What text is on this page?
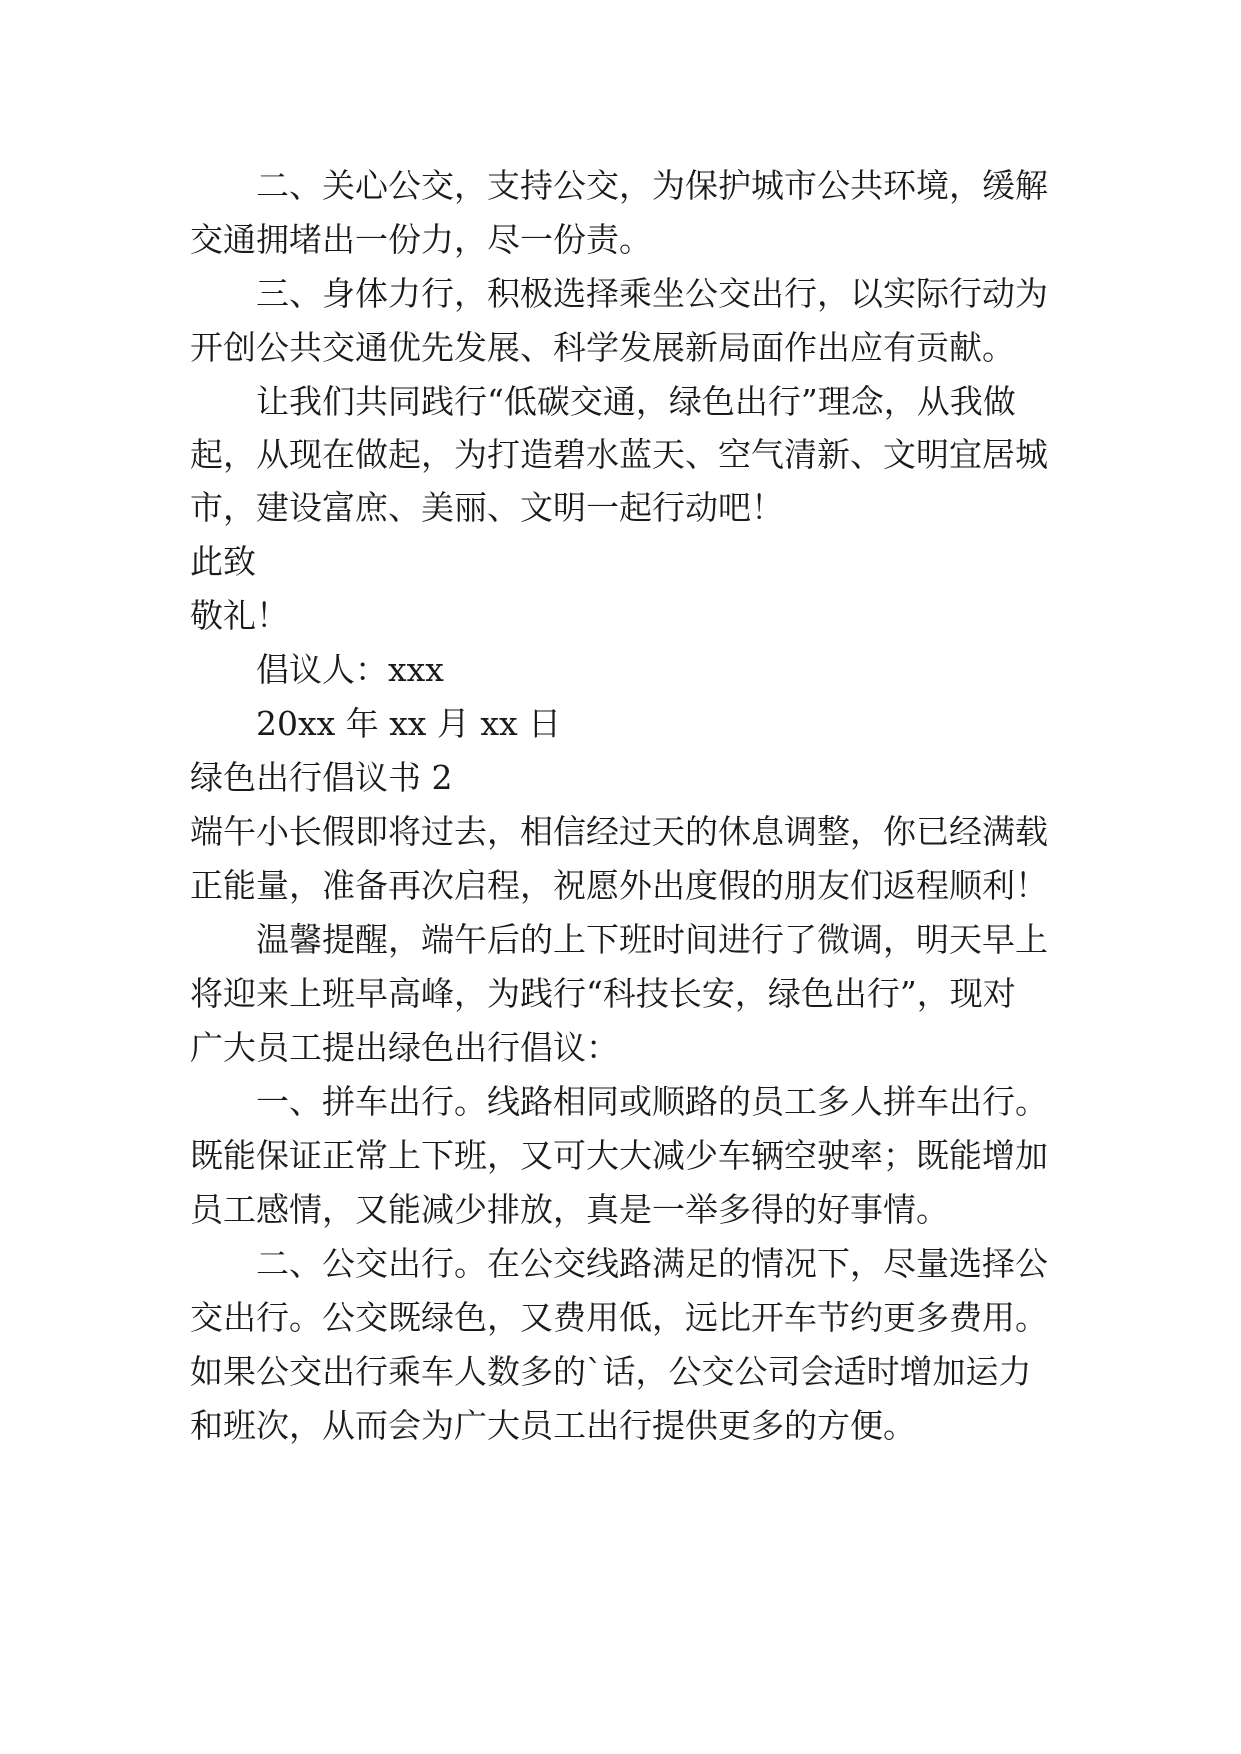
二、关心公交，支持公交，为保护城市公共环境，缓解

交通拥堵出一份力，尽一份责。

三、身体力行，积极选择乘坐公交出行，以实际行动为

开创公共交通优先发展、科学发展新局面作出应有贡献。

让我们共同践行“低碳交通，绿色出行”理念，从我做

起，从现在做起，为打造碧水蓝天、空气清新、文明宜居城

市，建设富庶、美丽、文明一起行动吧！

此致

敬礼！

倡议人：xxx

20xx 年 xx 月 xx 日

绿色出行倡议书 2

端午小长假即将过去，相信经过天的休息调整，你已经满载

正能量，准备再次启程，祝愿外出度假的朋友们返程顺利！

温馨提醒，端午后的上下班时间进行了微调，明天早上

将迎来上班早高峰，为践行“科技长安，绿色出行”，现对

广大员工提出绿色出行倡议：

一、拼车出行。线路相同或顺路的员工多人拼车出行。

既能保证正常上下班，又可大大减少车辆空驶率；既能增加

员工感情，又能减少排放，真是一举多得的好事情。

二、公交出行。在公交线路满足的情况下，尽量选择公

交出行。公交既绿色，又费用低，远比开车节约更多费用。

如果公交出行乘车人数多的`话，公交公司会适时增加运力

和班次，从而会为广大员工出行提供更多的方便。
